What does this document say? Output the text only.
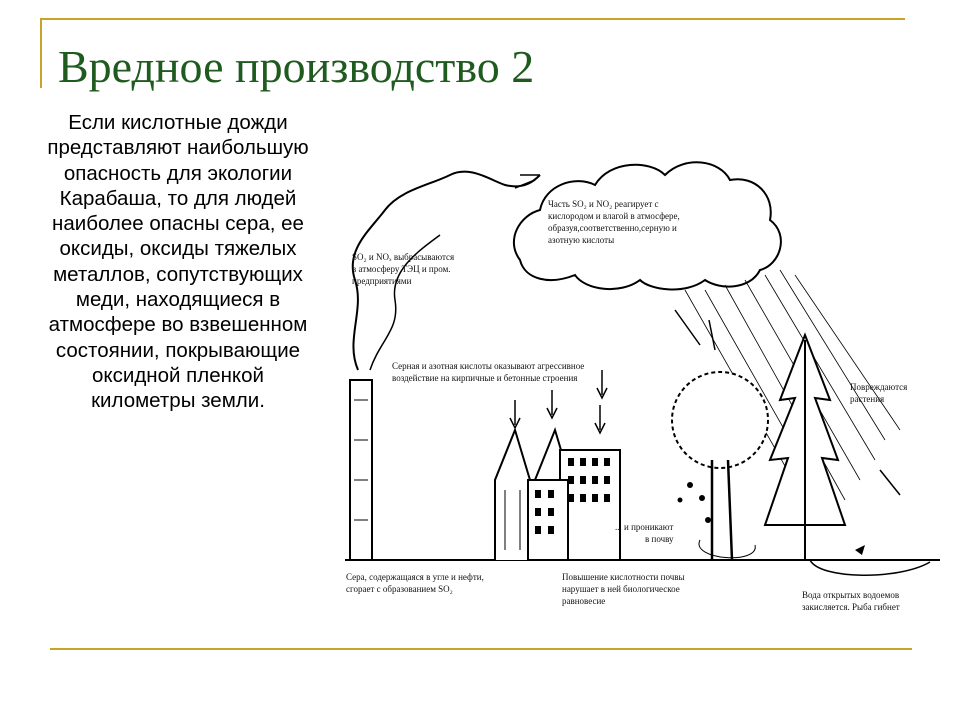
Вредное производство 2

Если кислотные дожди представляют наибольшую опасность для экологии Карабаша, то для людей наиболее опасны сера, ее оксиды, оксиды тяжелых металлов, сопутствующих меди, находящиеся в атмосфере во взвешенном состоянии, покрывающие оксидной пленкой километры земли.

SO₂ и NOₓ выбрасываются
в атмосферу ТЭЦ и пром.
предприятиями
Часть SO₂ и NO₂ реагирует с
кислородом и влагой в атмосфере,
образуя,соответственно,серную и
азотную кислоты
Серная и азотная кислоты оказывают агрессивное
воздействие на кирпичные и бетонные строения
Повреждаются
растения
... и проникают
в почву
Сера, содержащаяся в угле и нефти,
сгорает с образованием SO₂
Повышение кислотности почвы
нарушает в ней биологическое
равновесие
Вода открытых водоемов
закисляется. Рыба гибнет
